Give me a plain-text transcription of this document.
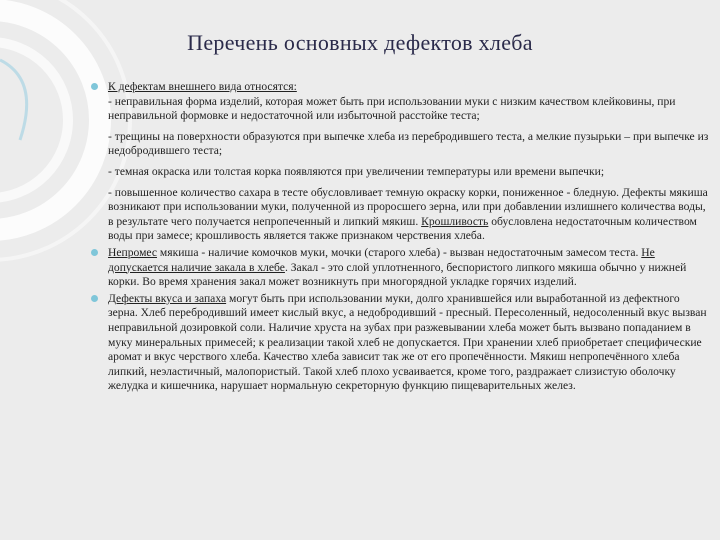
Перечень основных дефектов хлеба
К дефектам внешнего вида относятся:
- неправильная форма изделий, которая может быть при использовании муки с низким качеством клейковины, при неправильной формовке и недостаточной или избыточной расстойке теста;
- трещины на поверхности образуются при выпечке хлеба из перебродившего теста, а мелкие пузырьки – при выпечке из недобродившего теста;
- темная окраска или толстая корка появляются при увеличении температуры или времени выпечки;
- повышенное количество сахара в тесте обусловливает темную окраску корки, пониженное - бледную. Дефекты мякиша возникают при использовании муки, полученной из проросшего зерна, или при добавлении излишнего количества воды, в результате чего получается непропеченный и липкий мякиш. Крошливость обусловлена недостаточным количеством воды при замесе; крошливость является также признаком черствения хлеба.
Непромес мякиша - наличие комочков муки, мочки (старого хлеба) - вызван недостаточным замесом теста. Не допускается наличие закала в хлебе. Закал - это слой уплотненного, беспористого липкого мякиша обычно у нижней корки. Во время хранения закал может возникнуть при многорядной укладке горячих изделий.
Дефекты вкуса и запаха могут быть при использовании муки, долго хранившейся или выработанной из дефектного зерна. Хлеб перебродивший имеет кислый вкус, а недобродивший - пресный. Пересоленный, недосоленный вкус вызван неправильной дозировкой соли. Наличие хруста на зубах при разжевывании хлеба может быть вызвано попаданием в муку минеральных примесей; к реализации такой хлеб не допускается. При хранении хлеб приобретает специфические аромат и вкус черствого хлеба. Качество хлеба зависит так же от его пропечённости. Мякиш непропечённого хлеба липкий, неэластичный, малопористый. Такой хлеб плохо усваивается, кроме того, раздражает слизистую оболочку желудка и кишечника, нарушает нормальную секреторную функцию пищеварительных желез.
